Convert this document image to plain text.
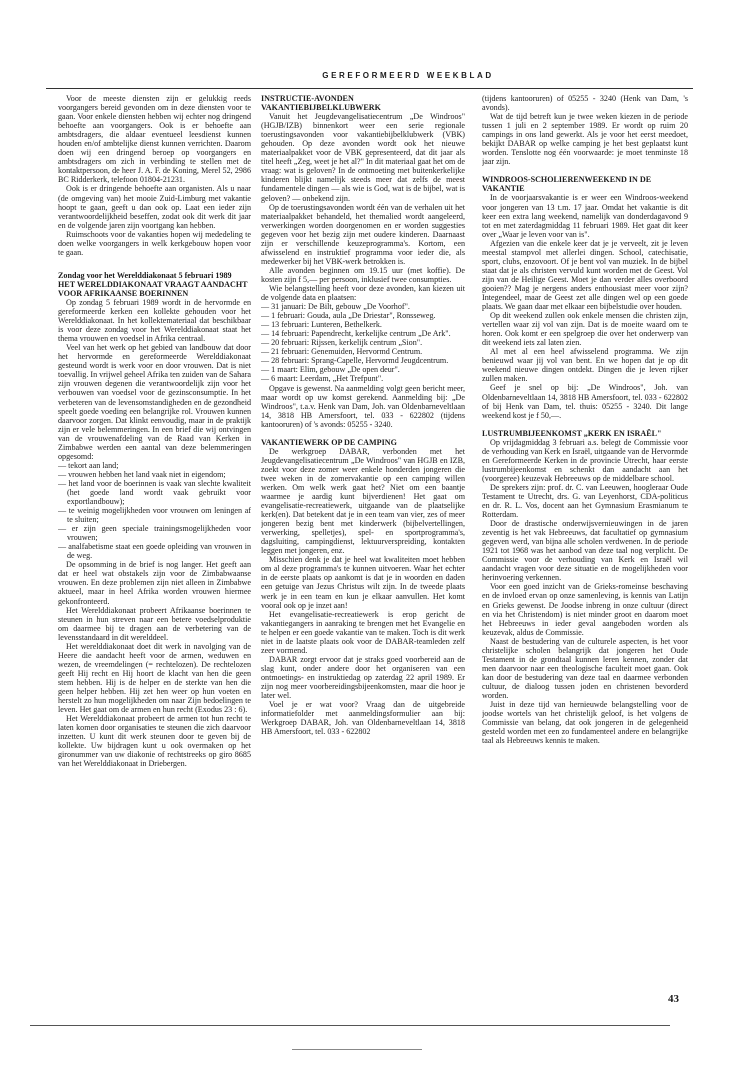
GEREFORMEERD WEEKBLAD

Voor de meeste diensten zijn er gelukkig reeds voorgangers bereid gevonden om in deze diensten voor te gaan. Voor enkele diensten hebben wij echter nog dringend behoefte aan voorgangers. Ook is er behoefte aan ambtsdragers, die aldaar eventueel leesdienst kunnen houden en/of ambtelijke dienst kunnen verrichten. Daarom doen wij een dringend beroep op voorgangers en ambtsdragers om zich in verbinding te stellen met de kontaktpersoon, de heer J. A. F. de Koning, Merel 52, 2986 BC Ridderkerk, telefoon 01804-21231.

Ook is er dringende behoefte aan organisten. Als u naar (de omgeving van) het mooie Zuid-Limburg met vakantie hoopt te gaan, geeft u dan ook op. Laat een ieder zijn verantwoordelijkheid beseffen, zodat ook dit werk dit jaar en de volgende jaren zijn voortgang kan hebben.

Ruimschoots voor de vakanties hopen wij mededeling te doen welke voorgangers in welk kerkgebouw hopen voor te gaan.

Zondag voor het Werelddiakonaat 5 februari 1989
HET WERELDDIAKONAAT VRAAGT AANDACHT VOOR AFRIKAANSE BOERINNEN

Op zondag 5 februari 1989 wordt in de hervormde en gereformeerde kerken een kollekte gehouden voor het Werelddiakonaat. In het kollektemateriaal dat beschikbaar is voor deze zondag voor het Werelddiakonaat staat het thema vrouwen en voedsel in Afrika centraal.

Veel van het werk op het gebied van landbouw dat door het hervormde en gereformeerde Werelddiakonaat gesteund wordt is werk voor en door vrouwen. Dat is niet toevallig. In vrijwel geheel Afrika ten zuiden van de Sahara zijn vrouwen degenen die verantwoordelijk zijn voor het verbouwen van voedsel voor de gezinsconsumptie. In het verbeteren van de levensomstandigheden en de gezondheid speelt goede voeding een belangrijke rol. Vrouwen kunnen daarvoor zorgen. Dat klinkt eenvoudig, maar in de praktijk zijn er vele belemmeringen. In een brief die wij ontvingen van de vrouwenafdeling van de Raad van Kerken in Zimbabwe werden een aantal van deze belemmeringen opgesomd:

— tekort aan land;
— vrouwen hebben het land vaak niet in eigendom;
— het land voor de boerinnen is vaak van slechte kwaliteit (het goede land wordt vaak gebruikt voor exportlandbouw);
— te weinig mogelijkheden voor vrouwen om leningen af te sluiten;
— er zijn geen speciale trainingsmogelijkheden voor vrouwen;
— analfabetisme staat een goede opleiding van vrouwen in de weg.

De opsomming in de brief is nog langer. Het geeft aan dat er heel wat obstakels zijn voor de Zimbabwaanse vrouwen. En deze problemen zijn niet alleen in Zimbabwe aktueel, maar in heel Afrika worden vrouwen hiermee gekonfronteerd.

Het Werelddiakonaat probeert Afrikaanse boerinnen te steunen in hun streven naar een betere voedselproduktie om daarmee bij te dragen aan de verbetering van de levensstandaard in dit werelddeel.

Het werelddiakonaat doet dit werk in navolging van de Heere die aandacht heeft voor de armen, weduwen en wezen, de vreemdelingen (= rechtelozen). De rechtelozen geeft Hij recht en Hij hoort de klacht van hen die geen stem hebben. Hij is de helper en de sterkte van hen die geen helper hebben. Hij zet hen weer op hun voeten en herstelt zo hun mogelijkheden om naar Zijn bedoelingen te leven. Het gaat om de armen en hun recht (Exodus 23 : 6).

Het Werelddiakonaat probeert de armen tot hun recht te laten komen door organisaties te steunen die zich daarvoor inzetten. U kunt dit werk steunen door te geven bij de kollekte. Uw bijdragen kunt u ook overmaken op het gironummer van uw diakonie of rechtstreeks op giro 8685 van het Werelddiakonaat in Driebergen.

INSTRUCTIE-AVONDEN VAKANTIEBIJBELKLUBWERK

Vanuit het Jeugdevangelisatiecentrum „De Windroos" (HGJB/IZB) binnenkort weer een serie regionale toerustingsavonden voor vakantiebijbelklubwerk (VBK) gehouden. Op deze avonden wordt ook het nieuwe materiaalpakket voor de VBK gepresenteerd, dat dit jaar als titel heeft „Zeg, weet je het al?" In dit materiaal gaat het om de vraag: wat is geloven? In de ontmoeting met buitenkerkelijke kinderen blijkt namelijk steeds meer dat zelfs de meest fundamentele dingen — als wie is God, wat is de bijbel, wat is geloven? — onbekend zijn.

Op de toerustingsavonden wordt één van de verhalen uit het materiaalpakket behandeld, het themalied wordt aangeleerd, verwerkingen worden doorgenomen en er worden suggesties gegeven voor het bezig zijn met oudere kinderen. Daarnaast zijn er verschillende keuzeprogramma's. Kortom, een afwisselend en instruktief programma voor ieder die, als medewerker bij het VBK-werk betrokken is.

Alle avonden beginnen om 19.15 uur (met koffie). De kosten zijn f 5,— per persoon, inklusief twee consumpties.

Wie belangstelling heeft voor deze avonden, kan kiezen uit de volgende data en plaatsen:

— 31 januari: De Bilt, gebouw „De Voorhof".
— 1 februari: Gouda, aula „De Driestar", Ronsseweg.
— 13 februari: Lunteren, Bethelkerk.
— 14 februari: Papendrecht, kerkelijke centrum „De Ark".
— 20 februari: Rijssen, kerkelijk centrum „Sion".
— 21 februari: Genemuiden, Hervormd Centrum.
— 28 februari: Sprang-Capelle, Hervormd Jeugdcentrum.
— 1 maart: Elim, gebouw „De open deur".
— 6 maart: Leerdam, „Het Trefpunt".

Opgave is gewenst. Na aanmelding volgt geen bericht meer, maar wordt op uw komst gerekend. Aanmelding bij: „De Windroos", t.a.v. Henk van Dam, Joh. van Oldenbarneveltlaan 14, 3818 HB Amersfoort, tel. 033 - 622802 (tijdens kantooruren) of 's avonds: 05255 - 3240.

VAKANTIEWERK OP DE CAMPING

De werkgroep DABAR, verbonden met het Jeugdevangelisatiecentrum „De Windroos" van HGJB en IZB, zoekt voor deze zomer weer enkele honderden jongeren die twee weken in de zomervakantie op een camping willen werken. Om welk werk gaat het? Niet om een baantje waarmee je aardig kunt bijverdienen! Het gaat om evangelisatie-recreatiewerk, uitgaande van de plaatselijke kerk(en). Dat betekent dat je in een team van vier, zes of meer jongeren bezig bent met kinderwerk (bijbelvertellingen, verwerking, spelletjes), spel- en sportprogramma's, dagsluiting, campingdienst, lektuurverspreiding, kontakten leggen met jongeren, enz.

Misschien denk je dat je heel wat kwaliteiten moet hebben om al deze programma's te kunnen uitvoeren. Waar het echter in de eerste plaats op aankomt is dat je in woorden en daden een getuige van Jezus Christus wilt zijn. In de tweede plaats werk je in een team en kun je elkaar aanvullen. Het komt vooral ook op je inzet aan!

Het evangelisatie-recreatiewerk is erop gericht de vakantiegangers in aanraking te brengen met het Evangelie en te helpen er een goede vakantie van te maken. Toch is dit werk niet in de laatste plaats ook voor de DABAR-teamleden zelf zeer vormend.

DABAR zorgt ervoor dat je straks goed voorbereid aan de slag kunt, onder andere door het organiseren van een ontmoetings- en instruktiedag op zaterdag 22 april 1989. Er zijn nog meer voorbereidingsbijeenkomsten, maar die hoor je later wel.

Voel je er wat voor? Vraag dan de uitgebreide informatiefolder met aanmeldingsformulier aan bij: Werkgroep DABAR, Joh. van Oldenbarneveltlaan 14, 3818 HB Amersfoort, tel. 033 - 622802

(tijdens kantooruren) of 05255 - 3240 (Henk van Dam, 's avonds).

Wat de tijd betreft kun je twee weken kiezen in de periode tussen 1 juli en 2 september 1989. Er wordt op ruim 20 campings in ons land gewerkt. Als je voor het eerst meedoet, bekijkt DABAR op welke camping je het best geplaatst kunt worden. Tenslotte nog één voorwaarde: je moet tenminste 18 jaar zijn.

WINDROOS-SCHOLIERENWEEKEND IN DE VAKANTIE

In de voorjaarsvakantie is er weer een Windroos-weekend voor jongeren van 13 t.m. 17 jaar. Omdat het vakantie is dit keer een extra lang weekend, namelijk van donderdagavond 9 tot en met zaterdagmiddag 11 februari 1989. Het gaat dit keer over „Waar je leven voor van is".

Afgezien van die enkele keer dat je je verveelt, zit je leven meestal stampvol met allerlei dingen. School, catechisatie, sport, clubs, enzovoort. Of je bent vol van muziek. In de bijbel staat dat je als christen vervuld kunt worden met de Geest. Vol zijn van de Heilige Geest. Moet je dan verder alles overboord gooien?? Mag je nergens anders enthousiast meer voor zijn? Integendeel, maar de Geest zet alle dingen wel op een goede plaats. We gaan daar met elkaar een bijbelstudie over houden.

Op dit weekend zullen ook enkele mensen die christen zijn, vertellen waar zij vol van zijn. Dat is de moeite waard om te horen. Ook komt er een spelgroep die over het onderwerp van dit weekend iets zal laten zien.

Al met al een heel afwisselend programma. We zijn benieuwd waar jij vol van bent. En we hopen dat je op dit weekend nieuwe dingen ontdekt. Dingen die je leven rijker zullen maken.

Geef je snel op bij: „De Windroos", Joh. van Oldenbarneveltlaan 14, 3818 HB Amersfoort, tel. 033 - 622802 of bij Henk van Dam, tel. thuis: 05255 - 3240. Dit lange weekend kost je f 50,—.

LUSTRUMBIJEENKOMST „KERK EN ISRAËL"

Op vrijdagmiddag 3 februari a.s. belegt de Commissie voor de verhouding van Kerk en Israël, uitgaande van de Hervormde en Gereformeerde Kerken in de provincie Utrecht, haar eerste lustrumbijeenkomst en schenkt dan aandacht aan het (voorgeree) keuzevak Hebreeuws op de middelbare school.

De sprekers zijn: prof. dr. C. van Leeuwen, hoogleraar Oude Testament te Utrecht, drs. G. van Leyenhorst, CDA-politicus en dr. R. L. Vos, docent aan het Gymnasium Erasmianum te Rotterdam.

Door de drastische onderwijsvernieuwingen in de jaren zeventig is het vak Hebreeuws, dat facultatief op gymnasium gegeven werd, van bijna alle scholen verdwenen. In de periode 1921 tot 1968 was het aanbod van deze taal nog verplicht. De Commissie voor de verhouding van Kerk en Israël wil aandacht vragen voor deze situatie en de mogelijkheden voor herinvoering verkennen.

Voor een goed inzicht van de Grieks-romeinse beschaving en de invloed ervan op onze samenleving, is kennis van Latijn en Grieks gewenst. De Joodse inbreng in onze cultuur (direct en via het Christendom) is niet minder groot en daarom moet het Hebreeuws in ieder geval aangeboden worden als keuzevak, aldus de Commissie.

Naast de bestudering van de culturele aspecten, is het voor christelijke scholen belangrijk dat jongeren het Oude Testament in de grondtaal kunnen leren kennen, zonder dat men daarvoor naar een theologische faculteit moet gaan. Ook kan door de bestudering van deze taal en daarmee verbonden cultuur, de dialoog tussen joden en christenen bevorderd worden.

Juist in deze tijd van hernieuwde belangstelling voor de joodse wortels van het christelijk geloof, is het volgens de Commissie van belang, dat ook jongeren in de gelegenheid gesteld worden met een zo fundamenteel andere en belangrijke taal als Hebreeuws kennis te maken.

43
